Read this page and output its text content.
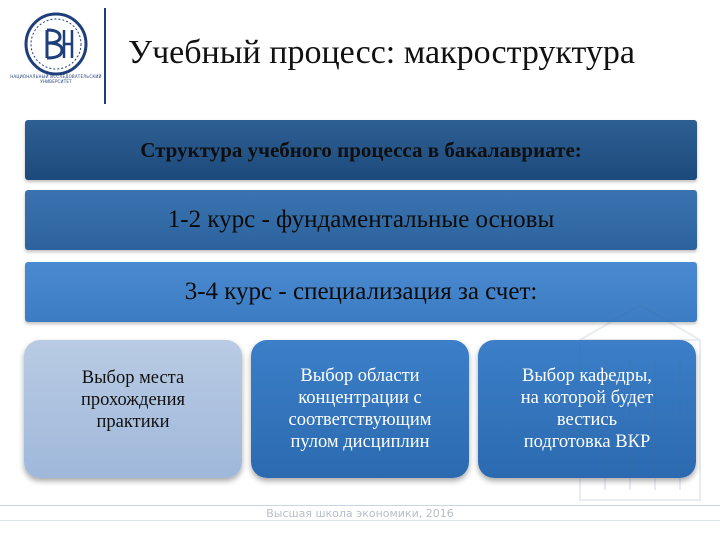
НАЦИОНАЛЬНЫЙ ИССЛЕДОВАТЕЛЬСКИЙ УНИВЕРСИТЕТ
Учебный процесс: макроструктура
Структура учебного процесса в бакалавриате:
1-2 курс - фундаментальные основы
3-4 курс - специализация за счет:
Выбор места
прохождения
практики
Выбор области
концентрации с
соответствующим
пулом дисциплин
Выбор кафедры,
на которой будет
вестись
подготовка ВКР
Высшая школа экономики, 2016
